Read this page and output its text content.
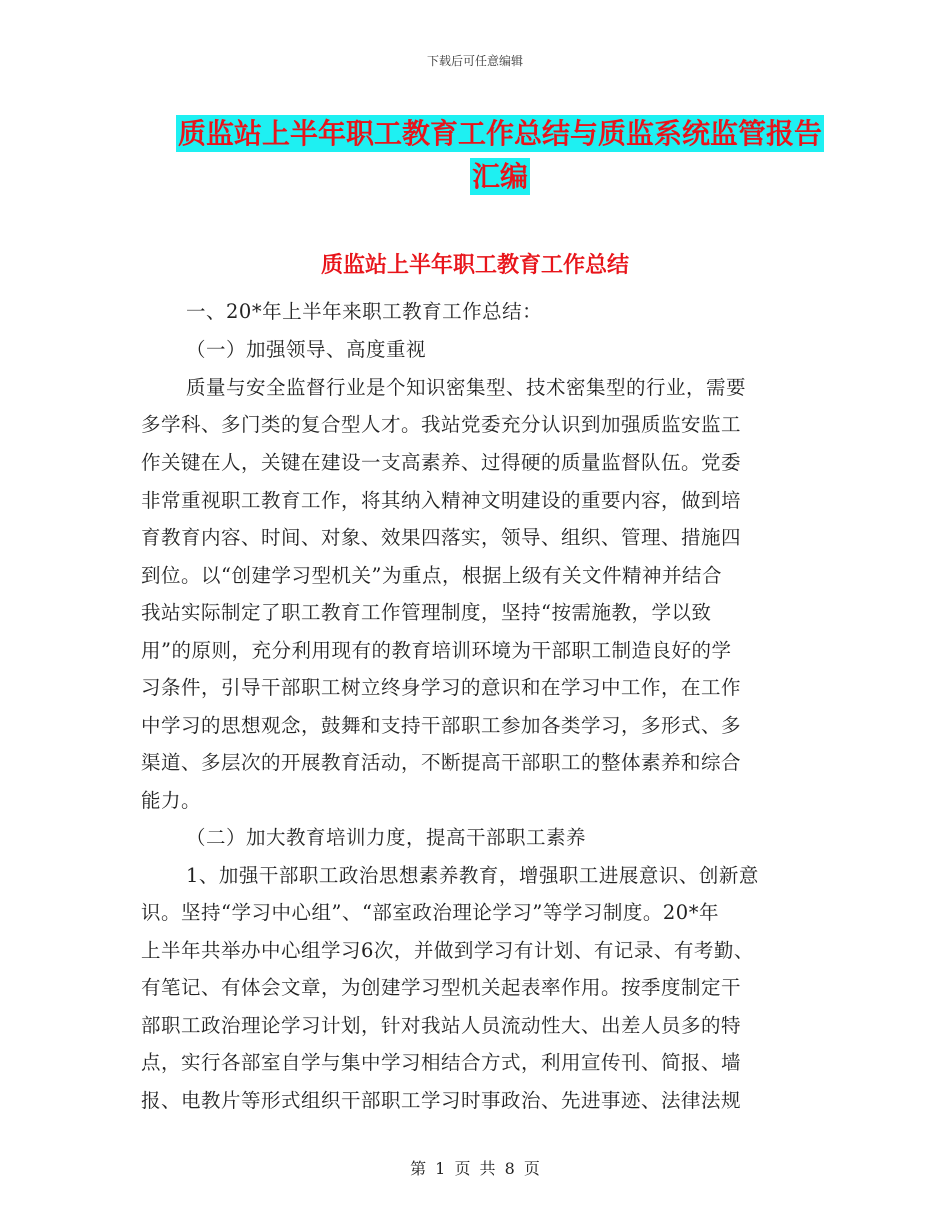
下载后可任意编辑
质监站上半年职工教育工作总结与质监系统监管报告
汇编
质监站上半年职工教育工作总结
一、20*年上半年来职工教育工作总结：
（一）加强领导、高度重视
质量与安全监督行业是个知识密集型、技术密集型的行业，需要
多学科、多门类的复合型人才。我站党委充分认识到加强质监安监工
作关键在人，关键在建设一支高素养、过得硬的质量监督队伍。党委
非常重视职工教育工作，将其纳入精神文明建设的重要内容，做到培
育教育内容、时间、对象、效果四落实，领导、组织、管理、措施四
到位。以“创建学习型机关”为重点，根据上级有关文件精神并结合
我站实际制定了职工教育工作管理制度，坚持“按需施教，学以致
用”的原则，充分利用现有的教育培训环境为干部职工制造良好的学
习条件，引导干部职工树立终身学习的意识和在学习中工作，在工作
中学习的思想观念，鼓舞和支持干部职工参加各类学习，多形式、多
渠道、多层次的开展教育活动，不断提高干部职工的整体素养和综合
能力。
（二）加大教育培训力度，提高干部职工素养
1、加强干部职工政治思想素养教育，增强职工进展意识、创新意
识。坚持“学习中心组”、“部室政治理论学习”等学习制度。20*年
上半年共举办中心组学习6次，并做到学习有计划、有记录、有考勤、
有笔记、有体会文章，为创建学习型机关起表率作用。按季度制定干
部职工政治理论学习计划，针对我站人员流动性大、出差人员多的特
点，实行各部室自学与集中学习相结合方式，利用宣传刊、简报、墙
报、电教片等形式组织干部职工学习时事政治、先进事迹、法律法规
第 1 页 共 8 页
